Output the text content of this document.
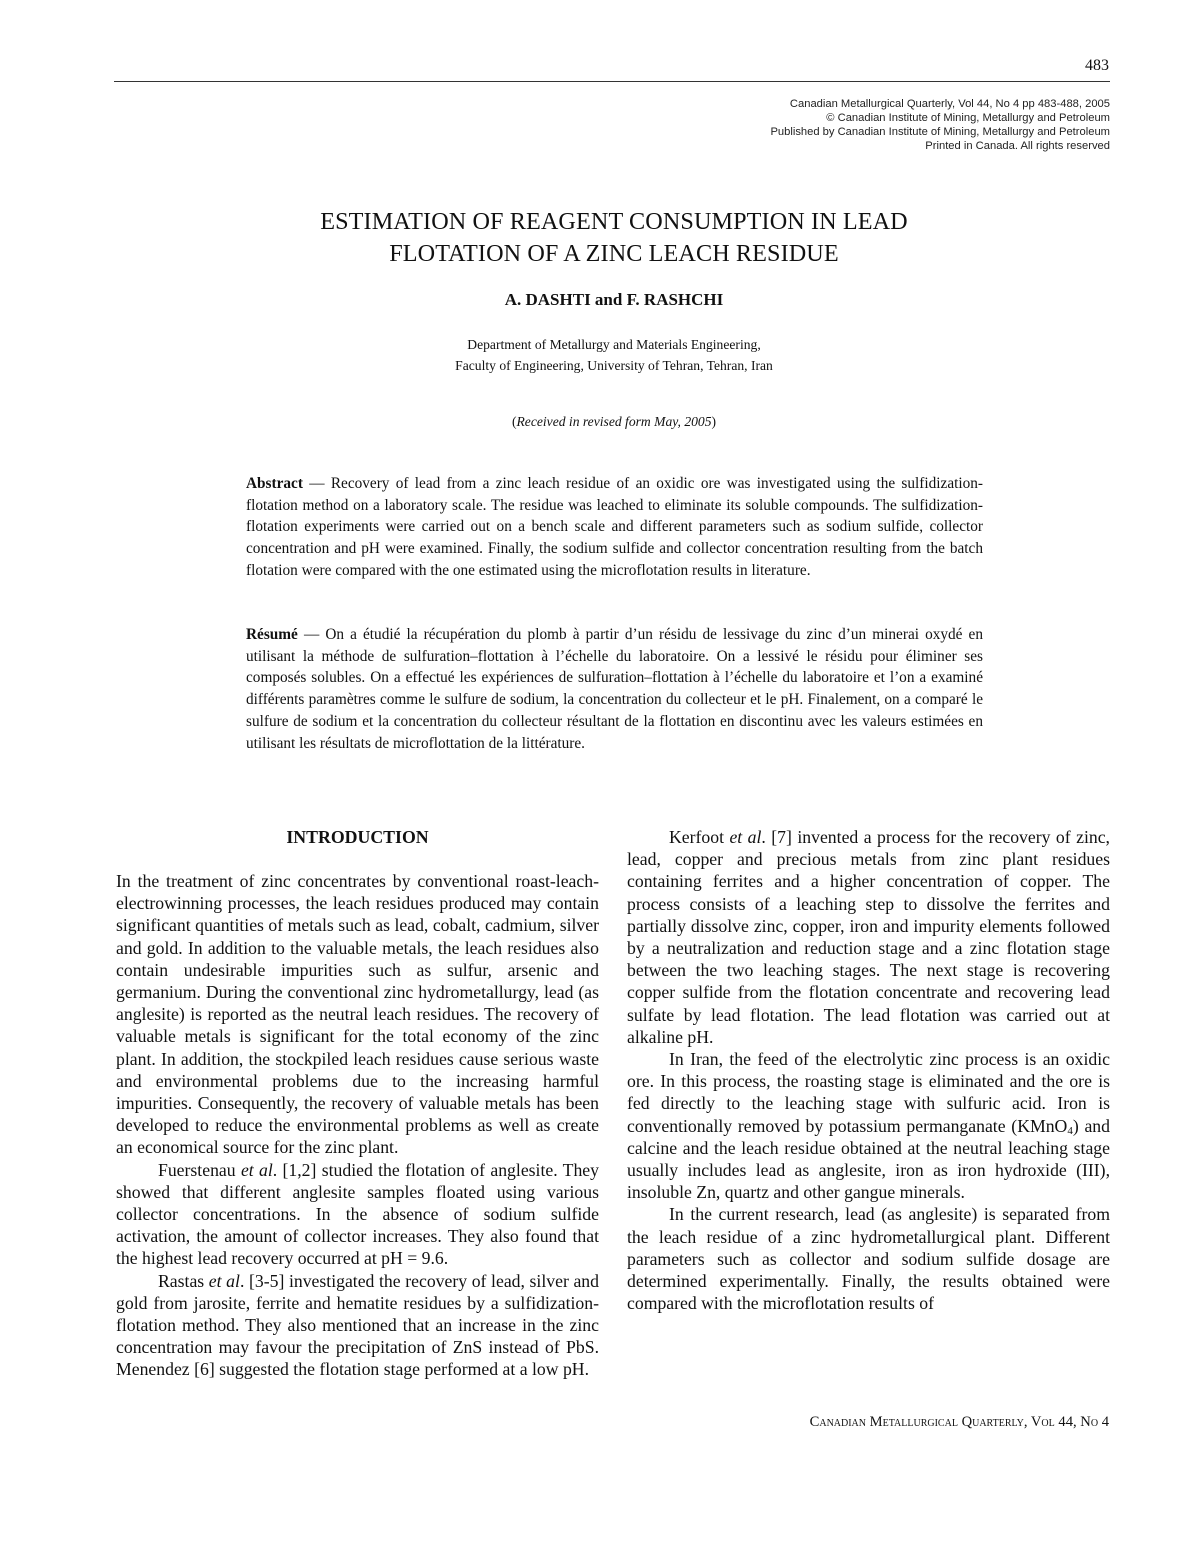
483
Canadian Metallurgical Quarterly, Vol 44, No 4 pp 483-488, 2005
© Canadian Institute of Mining, Metallurgy and Petroleum
Published by Canadian Institute of Mining, Metallurgy and Petroleum
Printed in Canada. All rights reserved
ESTIMATION OF REAGENT CONSUMPTION IN LEAD
FLOTATION OF A ZINC LEACH RESIDUE
A. DASHTI and F. RASHCHI
Department of Metallurgy and Materials Engineering,
Faculty of Engineering, University of Tehran, Tehran, Iran
(Received in revised form May, 2005)
Abstract — Recovery of lead from a zinc leach residue of an oxidic ore was investigated using the sulfidization-flotation method on a laboratory scale. The residue was leached to eliminate its soluble compounds. The sulfidization-flotation experiments were carried out on a bench scale and different parameters such as sodium sulfide, collector concentration and pH were examined. Finally, the sodium sulfide and collector concentration resulting from the batch flotation were compared with the one estimated using the microflotation results in literature.
Résumé — On a étudié la récupération du plomb à partir d’un résidu de lessivage du zinc d’un minerai oxydé en utilisant la méthode de sulfuration–flottation à l’échelle du laboratoire. On a lessivé le résidu pour éliminer ses composés solubles. On a effectué les expériences de sulfuration–flottation à l’échelle du laboratoire et l’on a examiné différents paramètres comme le sulfure de sodium, la concentration du collecteur et le pH. Finalement, on a comparé le sulfure de sodium et la concentration du collecteur résultant de la flottation en discontinu avec les valeurs estimées en utilisant les résultats de microflottation de la littérature.
INTRODUCTION

In the treatment of zinc concentrates by conventional roast-leach-electrowinning processes, the leach residues produced may contain significant quantities of metals such as lead, cobalt, cadmium, silver and gold. In addition to the valuable metals, the leach residues also contain undesirable impurities such as sulfur, arsenic and germanium. During the conventional zinc hydrometallurgy, lead (as anglesite) is reported as the neutral leach residues. The recovery of valuable metals is significant for the total economy of the zinc plant. In addition, the stockpiled leach residues cause serious waste and environmental problems due to the increasing harmful impurities. Consequently, the recovery of valuable metals has been developed to reduce the environmental problems as well as create an economical source for the zinc plant.

Fuerstenau et al. [1,2] studied the flotation of anglesite. They showed that different anglesite samples floated using various collector concentrations. In the absence of sodium sulfide activation, the amount of collector increases. They also found that the highest lead recovery occurred at pH = 9.6.

Rastas et al. [3-5] investigated the recovery of lead, silver and gold from jarosite, ferrite and hematite residues by a sulfidization-flotation method. They also mentioned that an increase in the zinc concentration may favour the precipitation of ZnS instead of PbS. Menendez [6] suggested the flotation stage performed at a low pH.

Kerfoot et al. [7] invented a process for the recovery of zinc, lead, copper and precious metals from zinc plant residues containing ferrites and a higher concentration of copper. The process consists of a leaching step to dissolve the ferrites and partially dissolve zinc, copper, iron and impurity elements followed by a neutralization and reduction stage and a zinc flotation stage between the two leaching stages. The next stage is recovering copper sulfide from the flotation concentrate and recovering lead sulfate by lead flotation. The lead flotation was carried out at alkaline pH.

In Iran, the feed of the electrolytic zinc process is an oxidic ore. In this process, the roasting stage is eliminated and the ore is fed directly to the leaching stage with sulfuric acid. Iron is conventionally removed by potassium permanganate (KMnO$_4$) and calcine and the leach residue obtained at the neutral leaching stage usually includes lead as anglesite, iron as iron hydroxide (III), insoluble Zn, quartz and other gangue minerals.

In the current research, lead (as anglesite) is separated from the leach residue of a zinc hydrometallurgical plant. Different parameters such as collector and sodium sulfide dosage are determined experimentally. Finally, the results obtained were compared with the microflotation results of

Canadian Metallurgical Quarterly, Vol 44, No 4
